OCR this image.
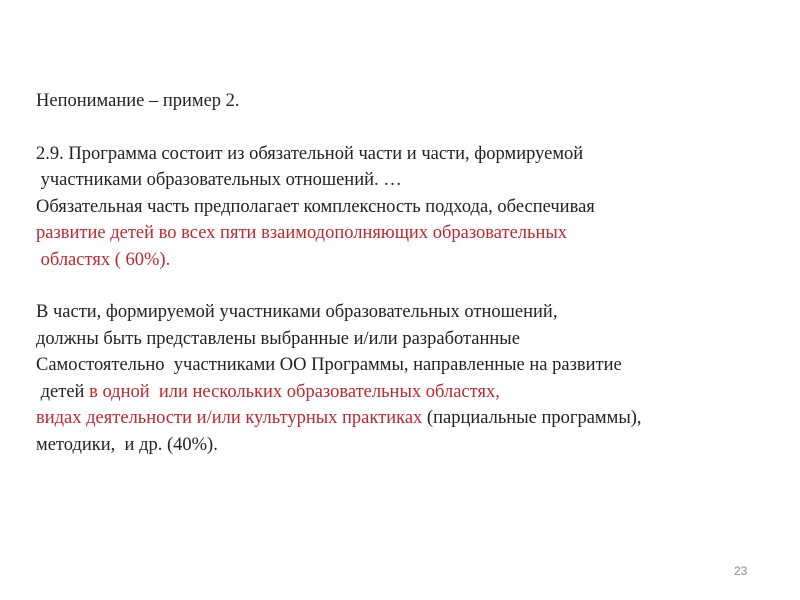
Непонимание – пример 2.
2.9. Программа состоит из обязательной части и части, формируемой
участниками образовательных отношений. …
Обязательная часть предполагает комплексность подхода, обеспечивая
развитие детей во всех пяти взаимодополняющих образовательных
областях ( 60%).
В части, формируемой участниками образовательных отношений,
должны быть представлены выбранные и/или разработанные
Самостоятельно  участниками ОО Программы, направленные на развитие
детей в одной  или нескольких образовательных областях,
видах деятельности и/или культурных практиках (парциальные программы),
методики,  и др. (40%).
23
